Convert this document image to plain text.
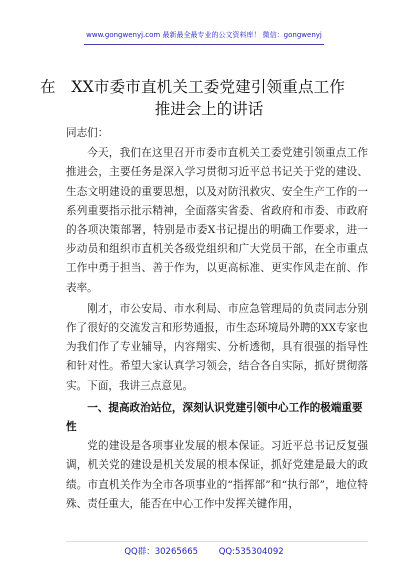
www.gongwenyj.com 最新最全最专业的公文资料库！ 微信：gongwenyj
在　XX市委市直机关工委党建引领重点工作
推进会上的讲话
同志们：

今天，我们在这里召开市委市直机关工委党建引领重点工作推进会，主要任务是深入学习贯彻习近平总书记关于党的建设、生态文明建设的重要思想，以及对防汛救灾、安全生产工作的一系列重要指示批示精神，全面落实省委、省政府和市委、市政府的各项决策部署，特别是市委X书记提出的明确工作要求，进一步动员和组织市直机关各级党组织和广大党员干部，在全市重点工作中勇于担当、善于作为，以更高标准、更实作风走在前、作表率。

刚才，市公安局、市水利局、市应急管理局的负责同志分别作了很好的交流发言和形势通报，市生态环境局外聘的XX专家也为我们作了专业辅导，内容翔实、分析透彻，具有很强的指导性和针对性。希望大家认真学习领会，结合各自实际，抓好贯彻落实。下面，我讲三点意见。

一、提高政治站位，深刻认识党建引领中心工作的极端重要性

党的建设是各项事业发展的根本保证。习近平总书记反复强调，机关党的建设是机关发展的根本保证，抓好党建是最大的政绩。市直机关作为全市各项事业的“指挥部”和“执行部”，地位特殊、责任重大，能否在中心工作中发挥关键作用，

QQ群：30265665 QQ:535304092
